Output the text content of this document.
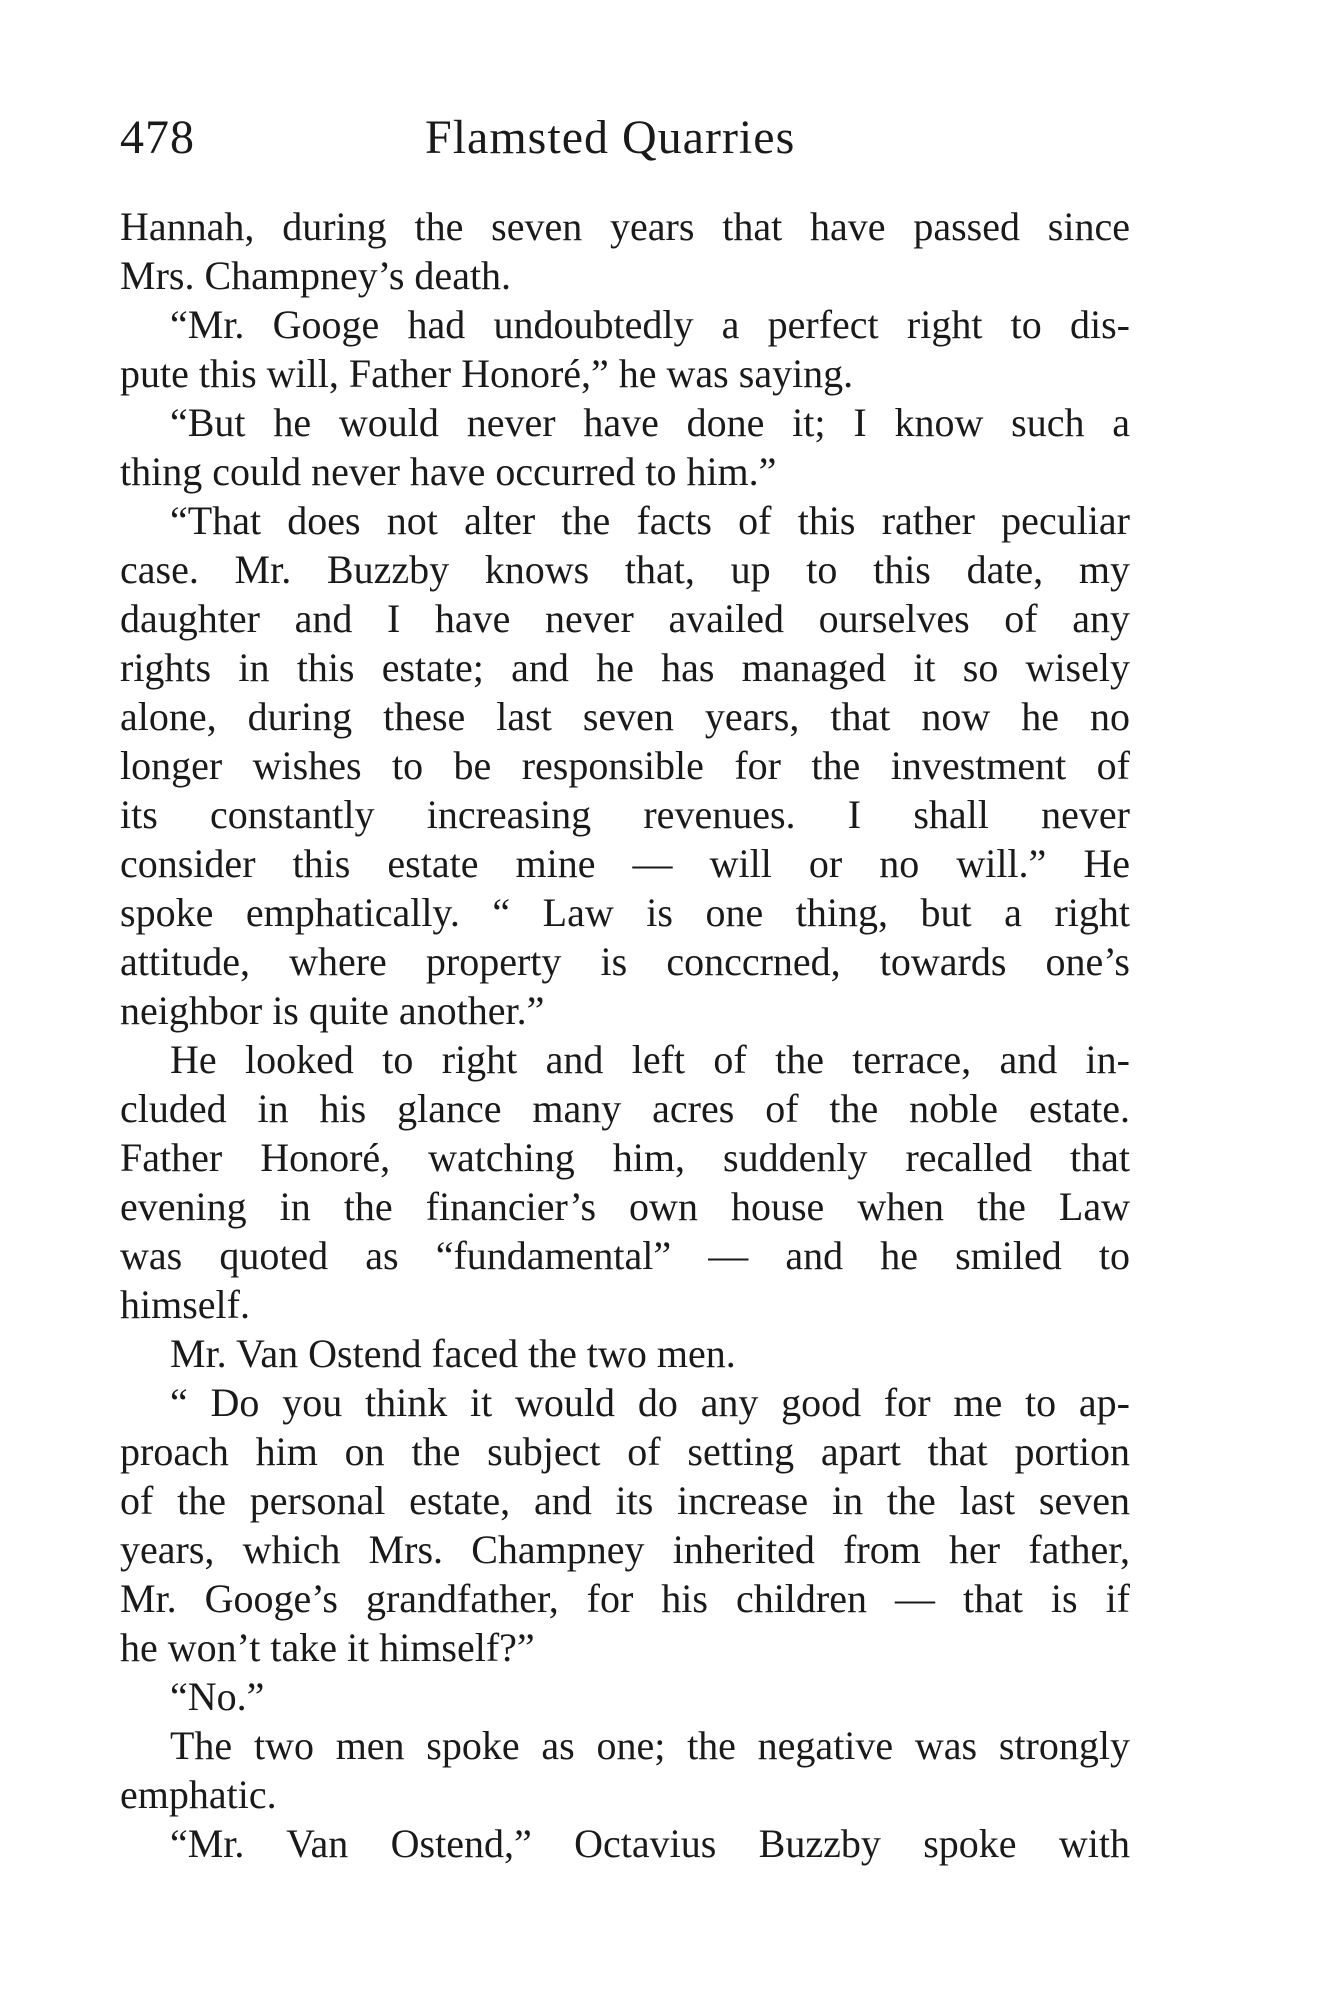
478	Flamsted Quarries
Hannah, during the seven years that have passed since
Mrs. Champney’s death.
“Mr. Googe had undoubtedly a perfect right to dis-
pute this will, Father Honoré,” he was saying.
“But he would never have done it; I know such a
thing could never have occurred to him.”
“That does not alter the facts of this rather peculiar
case. Mr. Buzzby knows that, up to this date, my
daughter and I have never availed ourselves of any
rights in this estate; and he has managed it so wisely
alone, during these last seven years, that now he no
longer wishes to be responsible for the investment of
its constantly increasing revenues. I shall never
consider this estate mine — will or no will.” He
spoke emphatically. “ Law is one thing, but a right
attitude, where property is conccrned, towards one’s
neighbor is quite another.”
He looked to right and left of the terrace, and in-
cluded in his glance many acres of the noble estate.
Father Honoré, watching him, suddenly recalled that
evening in the financier’s own house when the Law
was quoted as “fundamental” — and he smiled to
himself.
Mr. Van Ostend faced the two men.
“ Do you think it would do any good for me to ap-
proach him on the subject of setting apart that portion
of the personal estate, and its increase in the last seven
years, which Mrs. Champney inherited from her father,
Mr. Googe’s grandfather, for his children — that is if
he won’t take it himself?”
“No.”
The two men spoke as one; the negative was strongly
emphatic.
“Mr. Van Ostend,” Octavius Buzzby spoke with
